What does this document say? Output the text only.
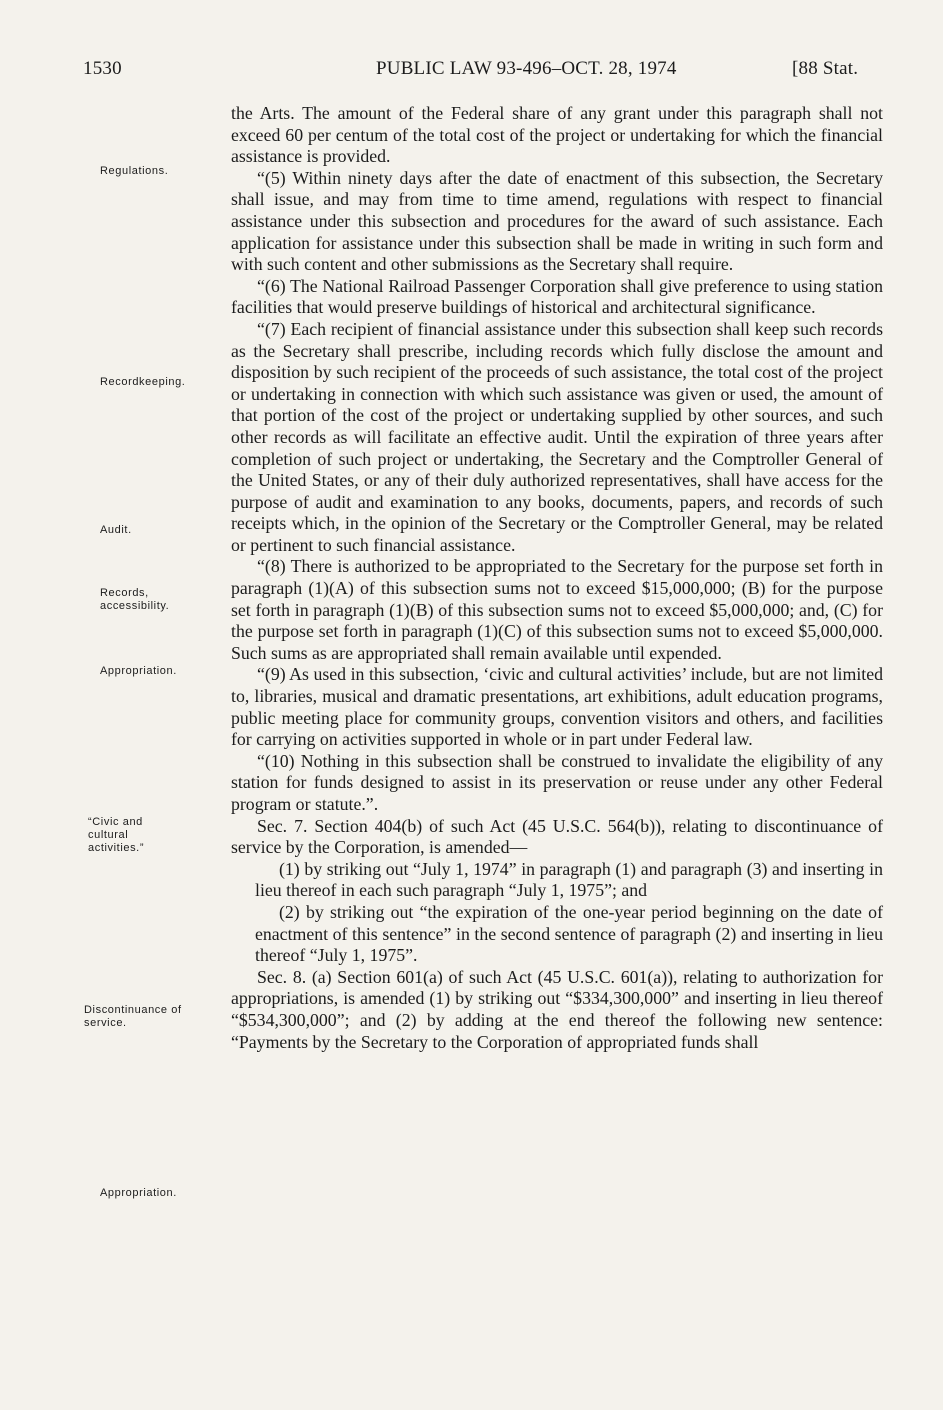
1530	PUBLIC LAW 93-496–OCT. 28, 1974	[88 Stat.
Regulations.
Recordkeeping.
Audit.
Records, accessibility.
Appropriation.
“Civic and cultural activities.”
Discontinuance of service.
Appropriation.

the Arts. The amount of the Federal share of any grant under this paragraph shall not exceed 60 per centum of the total cost of the project or undertaking for which the financial assistance is provided.

“(5) Within ninety days after the date of enactment of this subsection, the Secretary shall issue, and may from time to time amend, regulations with respect to financial assistance under this subsection and procedures for the award of such assistance. Each application for assistance under this subsection shall be made in writing in such form and with such content and other submissions as the Secretary shall require.

“(6) The National Railroad Passenger Corporation shall give preference to using station facilities that would preserve buildings of historical and architectural significance.

“(7) Each recipient of financial assistance under this subsection shall keep such records as the Secretary shall prescribe, including records which fully disclose the amount and disposition by such recipient of the proceeds of such assistance, the total cost of the project or undertaking in connection with which such assistance was given or used, the amount of that portion of the cost of the project or undertaking supplied by other sources, and such other records as will facilitate an effective audit. Until the expiration of three years after completion of such project or undertaking, the Secretary and the Comptroller General of the United States, or any of their duly authorized representatives, shall have access for the purpose of audit and examination to any books, documents, papers, and records of such receipts which, in the opinion of the Secretary or the Comptroller General, may be related or pertinent to such financial assistance.

“(8) There is authorized to be appropriated to the Secretary for the purpose set forth in paragraph (1)(A) of this subsection sums not to exceed $15,000,000; (B) for the purpose set forth in paragraph (1)(B) of this subsection sums not to exceed $5,000,000; and, (C) for the purpose set forth in paragraph (1)(C) of this subsection sums not to exceed $5,000,000. Such sums as are appropriated shall remain available until expended.

“(9) As used in this subsection, ‘civic and cultural activities’ include, but are not limited to, libraries, musical and dramatic presentations, art exhibitions, adult education programs, public meeting place for community groups, convention visitors and others, and facilities for carrying on activities supported in whole or in part under Federal law.

“(10) Nothing in this subsection shall be construed to invalidate the eligibility of any station for funds designed to assist in its preservation or reuse under any other Federal program or statute.”.

Sec. 7. Section 404(b) of such Act (45 U.S.C. 564(b)), relating to discontinuance of service by the Corporation, is amended—

(1) by striking out “July 1, 1974” in paragraph (1) and paragraph (3) and inserting in lieu thereof in each such paragraph “July 1, 1975”; and

(2) by striking out “the expiration of the one-year period beginning on the date of enactment of this sentence” in the second sentence of paragraph (2) and inserting in lieu thereof “July 1, 1975”.

Sec. 8. (a) Section 601(a) of such Act (45 U.S.C. 601(a)), relating to authorization for appropriations, is amended (1) by striking out “$334,300,000” and inserting in lieu thereof “$534,300,000”; and (2) by adding at the end thereof the following new sentence: “Payments by the Secretary to the Corporation of appropriated funds shall
